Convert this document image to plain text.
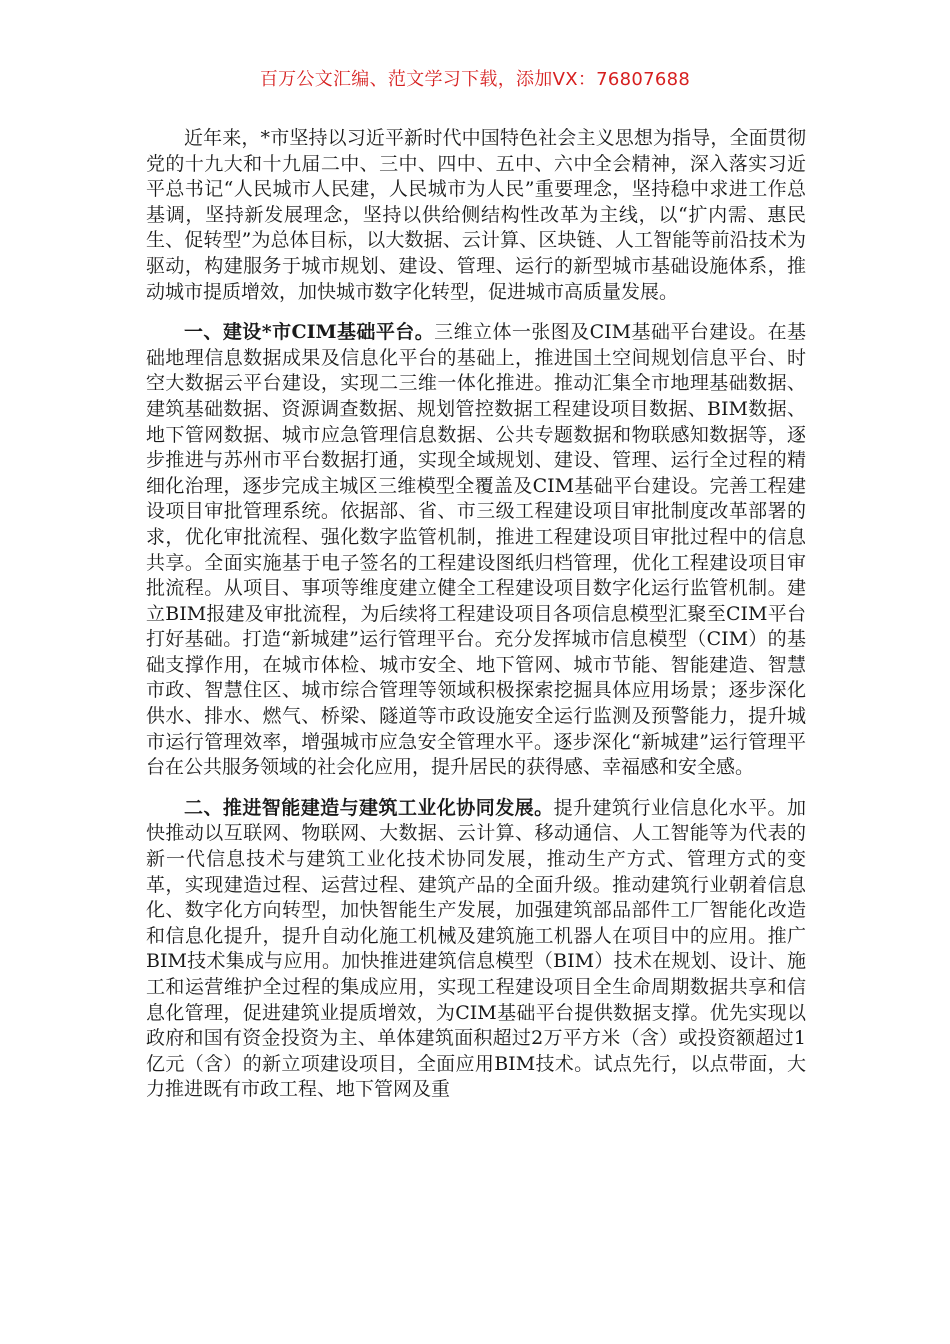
百万公文汇编、范文学习下载，添加VX：76807688

近年来，*市坚持以习近平新时代中国特色社会主义思想为指导，全面贯彻党的十九大和十九届二中、三中、四中、五中、六中全会精神，深入落实习近平总书记“人民城市人民建，人民城市为人民”重要理念，坚持稳中求进工作总基调，坚持新发展理念，坚持以供给侧结构性改革为主线，以“扩内需、惠民生、促转型”为总体目标，以大数据、云计算、区块链、人工智能等前沿技术为驱动，构建服务于城市规划、建设、管理、运行的新型城市基础设施体系，推动城市提质增效，加快城市数字化转型，促进城市高质量发展。

一、建设*市CIM基础平台。三维立体一张图及CIM基础平台建设。在基础地理信息数据成果及信息化平台的基础上，推进国土空间规划信息平台、时空大数据云平台建设，实现二三维一体化推进。推动汇集全市地理基础数据、建筑基础数据、资源调查数据、规划管控数据工程建设项目数据、BIM数据、地下管网数据、城市应急管理信息数据、公共专题数据和物联感知数据等，逐步推进与苏州市平台数据打通，实现全域规划、建设、管理、运行全过程的精细化治理，逐步完成主城区三维模型全覆盖及CIM基础平台建设。完善工程建设项目审批管理系统。依据部、省、市三级工程建设项目审批制度改革部署的求，优化审批流程、强化数字监管机制，推进工程建设项目审批过程中的信息共享。全面实施基于电子签名的工程建设图纸归档管理，优化工程建设项目审批流程。从项目、事项等维度建立健全工程建设项目数字化运行监管机制。建立BIM报建及审批流程，为后续将工程建设项目各项信息模型汇聚至CIM平台打好基础。打造“新城建”运行管理平台。充分发挥城市信息模型（CIM）的基础支撑作用，在城市体检、城市安全、地下管网、城市节能、智能建造、智慧市政、智慧住区、城市综合管理等领域积极探索挖掘具体应用场景；逐步深化供水、排水、燃气、桥梁、隧道等市政设施安全运行监测及预警能力，提升城市运行管理效率，增强城市应急安全管理水平。逐步深化“新城建”运行管理平台在公共服务领域的社会化应用，提升居民的获得感、幸福感和安全感。

二、推进智能建造与建筑工业化协同发展。提升建筑行业信息化水平。加快推动以互联网、物联网、大数据、云计算、移动通信、人工智能等为代表的新一代信息技术与建筑工业化技术协同发展，推动生产方式、管理方式的变革，实现建造过程、运营过程、建筑产品的全面升级。推动建筑行业朝着信息化、数字化方向转型，加快智能生产发展，加强建筑部品部件工厂智能化改造和信息化提升，提升自动化施工机械及建筑施工机器人在项目中的应用。推广BIM技术集成与应用。加快推进建筑信息模型（BIM）技术在规划、设计、施工和运营维护全过程的集成应用，实现工程建设项目全生命周期数据共享和信息化管理，促进建筑业提质增效，为CIM基础平台提供数据支撑。优先实现以政府和国有资金投资为主、单体建筑面积超过2万平方米（含）或投资额超过1亿元（含）的新立项建设项目，全面应用BIM技术。试点先行，以点带面，大力推进既有市政工程、地下管网及重
